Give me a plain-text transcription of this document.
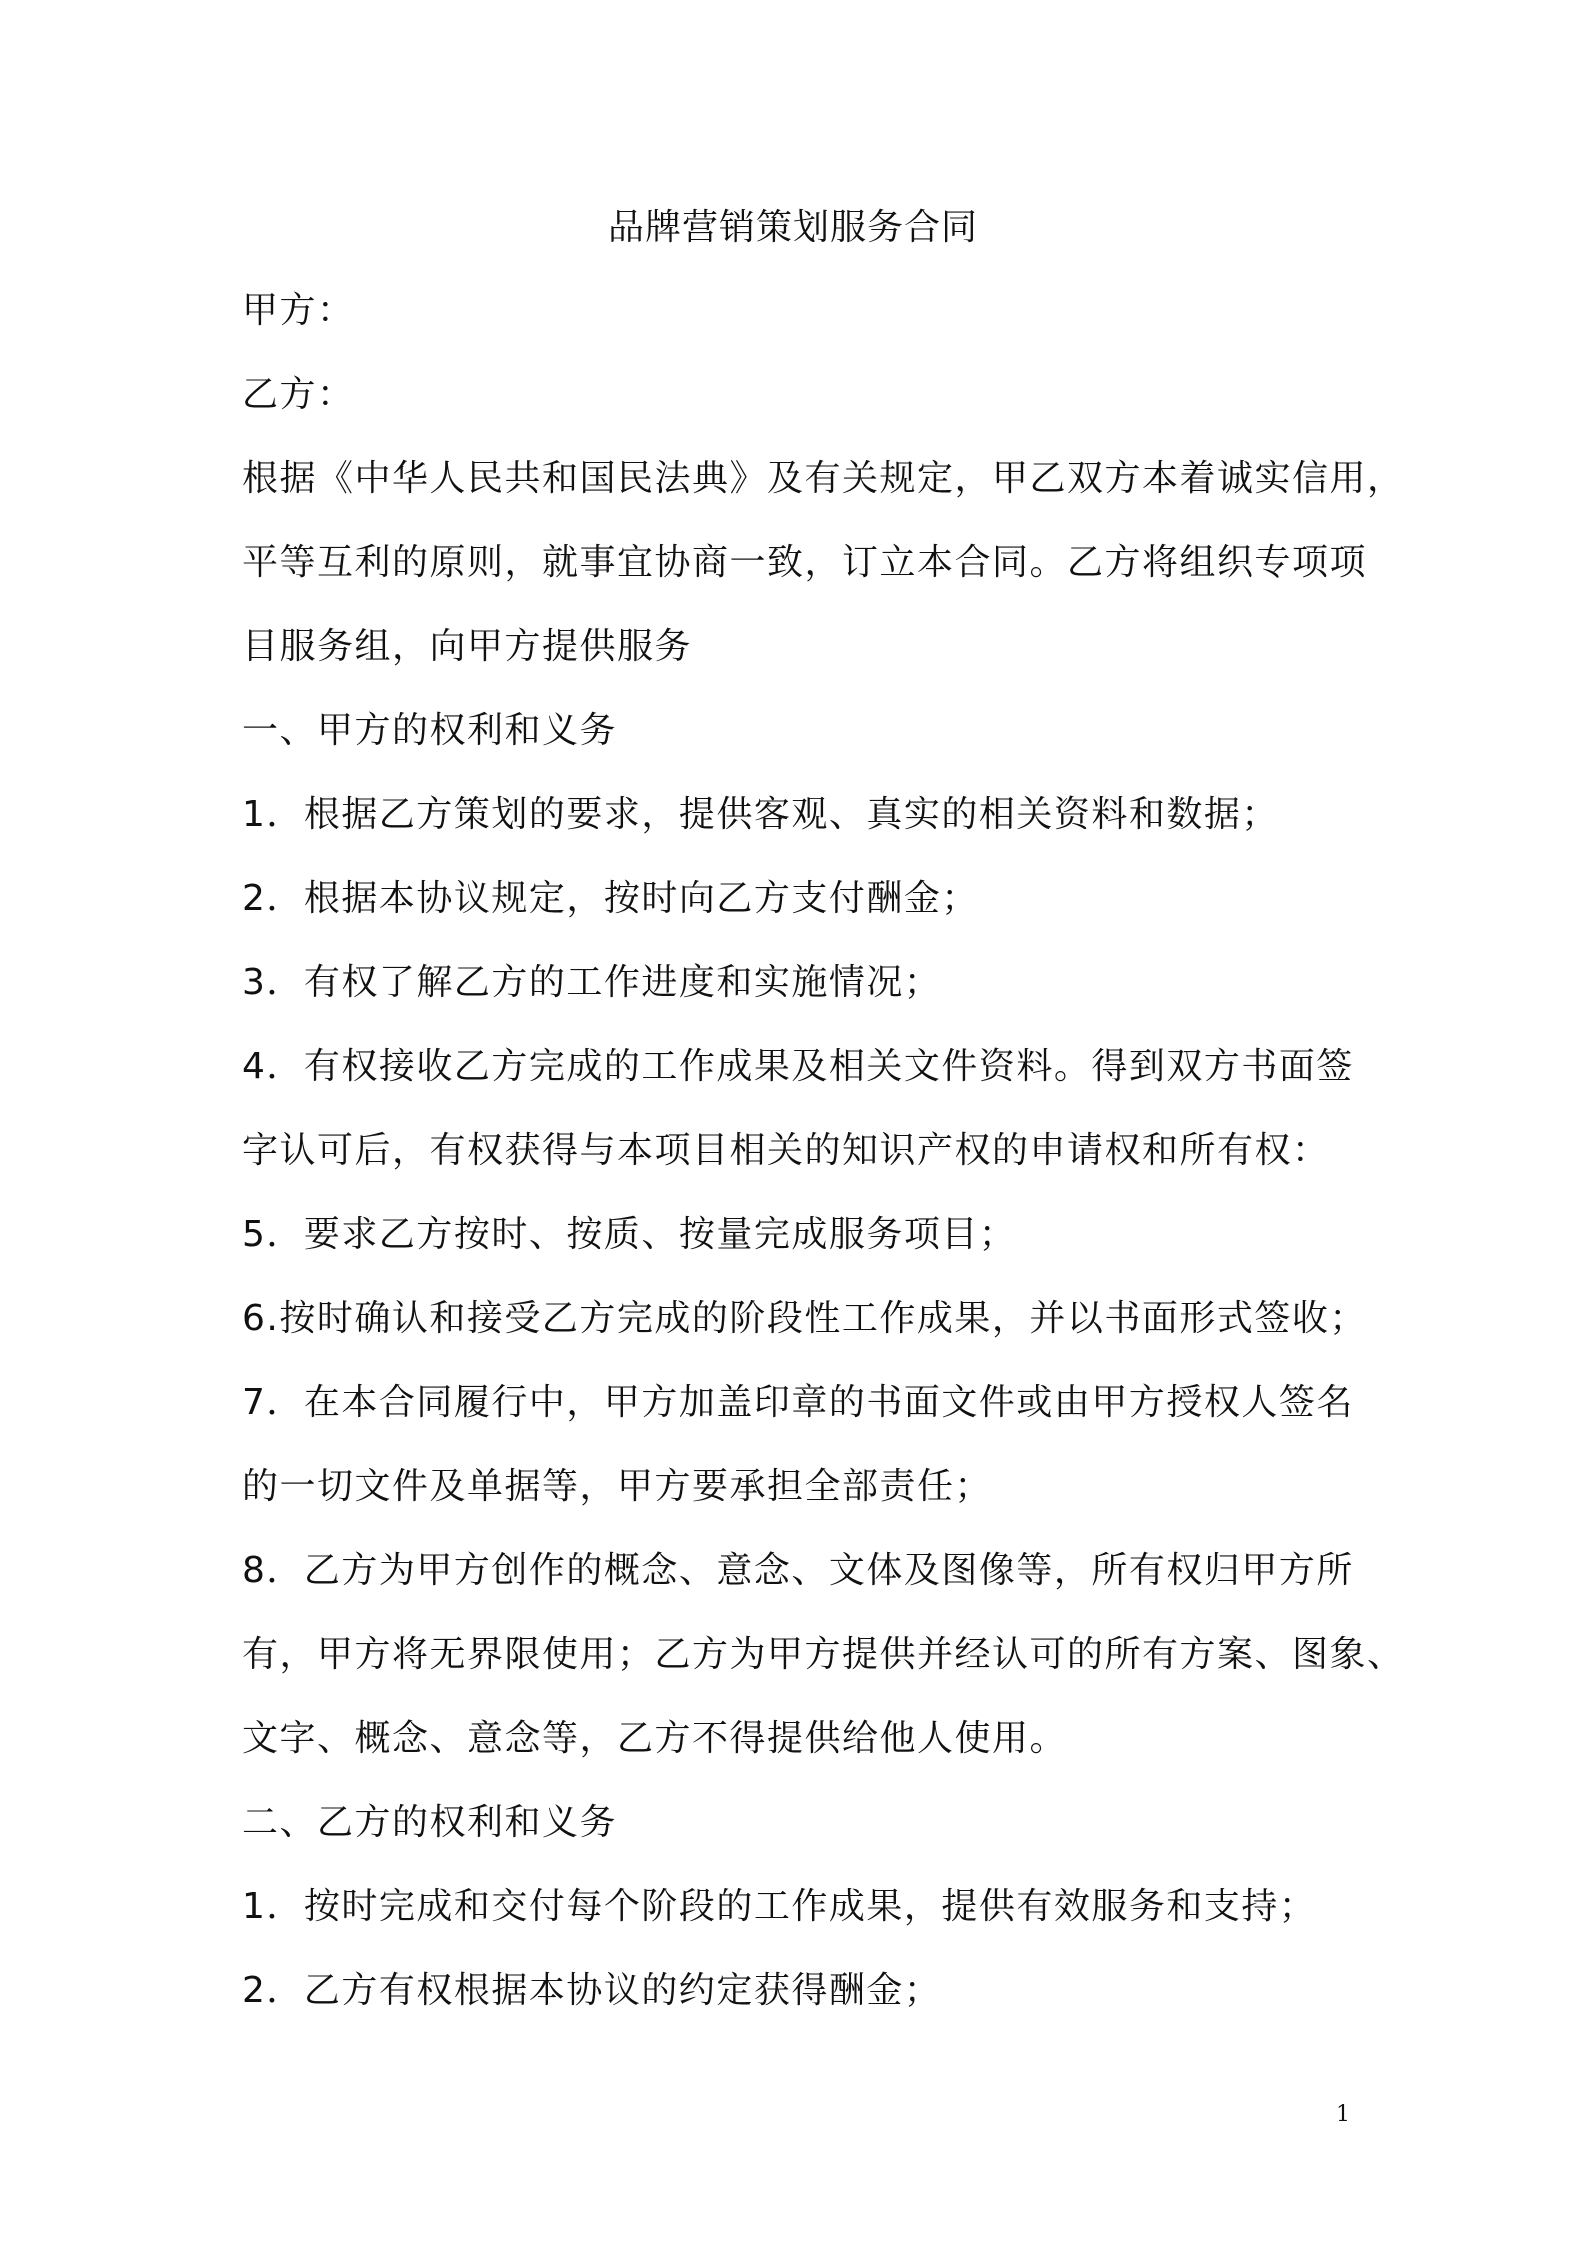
品牌营销策划服务合同
甲方：
乙方：
根据《中华人民共和国民法典》及有关规定，甲乙双方本着诚实信用，
平等互利的原则，就事宜协商一致，订立本合同。乙方将组织专项项
目服务组，向甲方提供服务
一、甲方的权利和义务
1．根据乙方策划的要求，提供客观、真实的相关资料和数据；
2．根据本协议规定，按时向乙方支付酬金；
3．有权了解乙方的工作进度和实施情况；
4．有权接收乙方完成的工作成果及相关文件资料。得到双方书面签
字认可后，有权获得与本项目相关的知识产权的申请权和所有权：
5．要求乙方按时、按质、按量完成服务项目；
6.按时确认和接受乙方完成的阶段性工作成果，并以书面形式签收；
7．在本合同履行中，甲方加盖印章的书面文件或由甲方授权人签名
的一切文件及单据等，甲方要承担全部责任；
8．乙方为甲方创作的概念、意念、文体及图像等，所有权归甲方所
有，甲方将无界限使用；乙方为甲方提供并经认可的所有方案、图象、
文字、概念、意念等，乙方不得提供给他人使用。
二、乙方的权利和义务
1．按时完成和交付每个阶段的工作成果，提供有效服务和支持；
2．乙方有权根据本协议的约定获得酬金；
1
